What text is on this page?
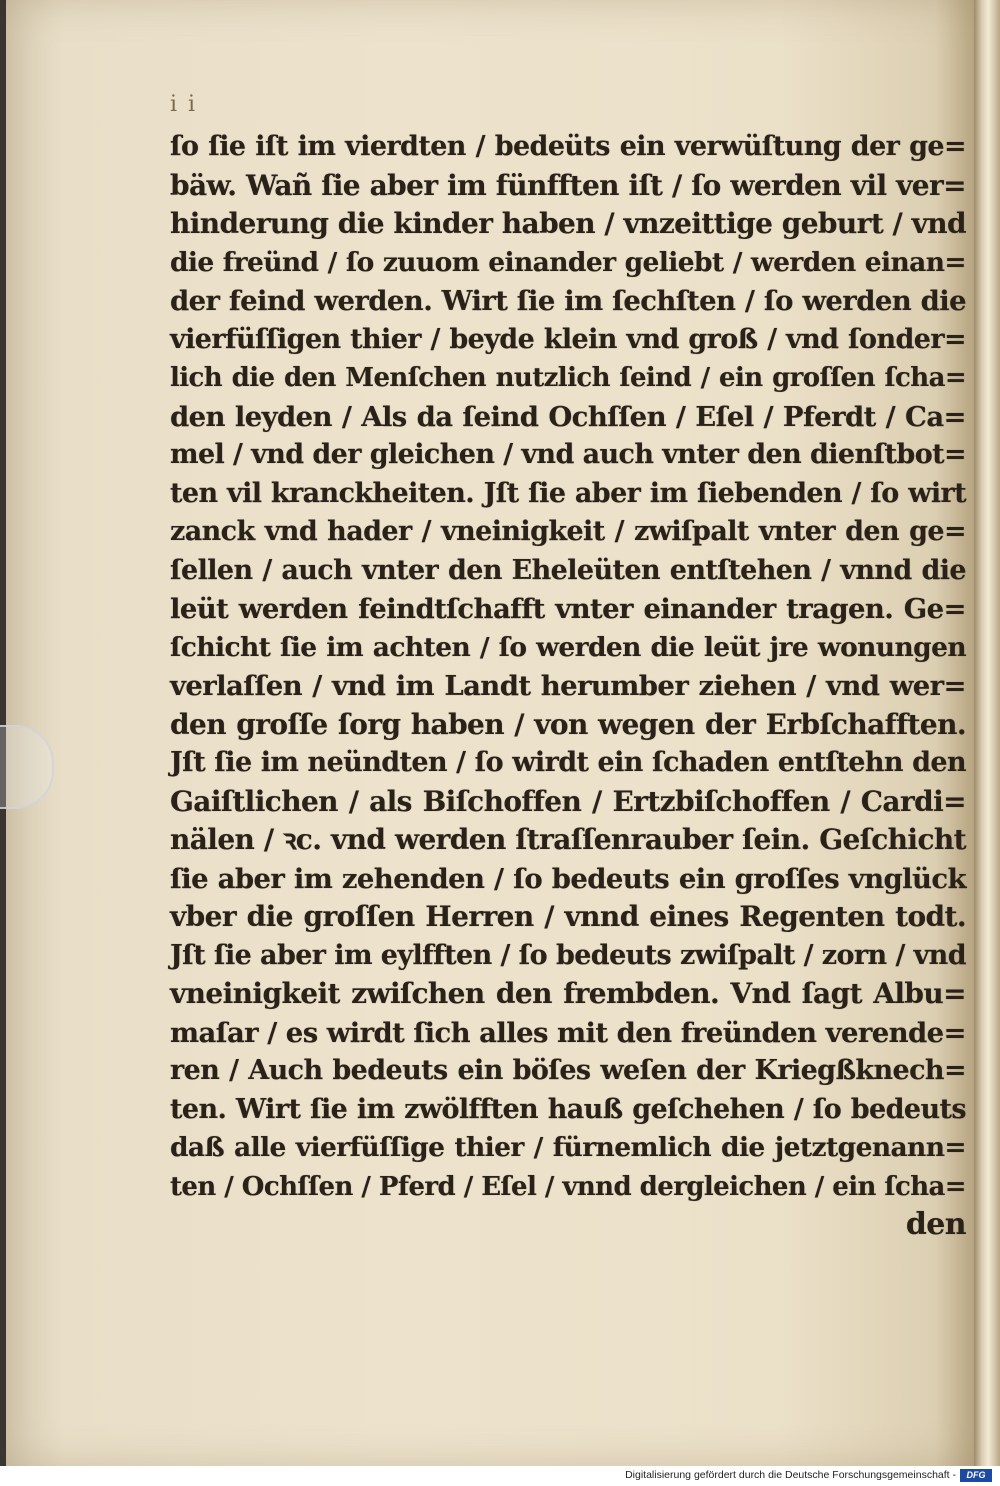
i i
ſo ſie iſt im vierdten / bedeüts ein verwüſtung der ge=
bäw. Wañ ſie aber im fünfften iſt / ſo werden vil ver=
hinderung die kinder haben / vnzeittige geburt / vnd
die freünd / ſo zuuom einander geliebt / werden einan=
der feind werden. Wirt ſie im ſechſten / ſo werden die
vierfüſſigen thier / beyde klein vnd groß / vnd ſonder=
lich die den Menſchen nutzlich ſeind / ein groſſen ſcha=
den leyden / Als da ſeind Ochſſen / Eſel / Pferdt / Ca=
mel / vnd der gleichen / vnd auch vnter den dienſtbot=
ten vil kranckheiten. Jſt ſie aber im ſiebenden / ſo wirt
zanck vnd hader / vneinigkeit / zwiſpalt vnter den ge=
ſellen / auch vnter den Eheleüten entſtehen / vnnd die
leüt werden feindtſchafft vnter einander tragen. Ge=
ſchicht ſie im achten / ſo werden die leüt jre wonungen
verlaſſen / vnd im Landt herumber ziehen / vnd wer=
den groſſe ſorg haben / von wegen der Erbſchafften.
Jſt ſie im neündten / ſo wirdt ein ſchaden entſtehn den
Gaiſtlichen / als Biſchoffen / Ertzbiſchoffen / Cardi=
nälen / ꝛc. vnd werden ſtraſſenrauber ſein. Geſchicht
ſie aber im zehenden / ſo bedeuts ein groſſes vnglück
vber die groſſen Herren / vnnd eines Regenten todt.
Jſt ſie aber im eylfften / ſo bedeuts zwiſpalt / zorn / vnd
vneinigkeit zwiſchen den frembden. Vnd ſagt Albu=
maſar / es wirdt ſich alles mit den freünden verende=
ren / Auch bedeuts ein böſes weſen der Kriegßknech=
ten. Wirt ſie im zwölfften hauß geſchehen / ſo bedeuts
daß alle vierfüſſige thier / fürnemlich die jetztgenann=
ten / Ochſſen / Pferd / Eſel / vnnd dergleichen / ein ſcha=
den
Digitalisierung gefördert durch die Deutsche Forschungsgemeinschaft -	DFG
